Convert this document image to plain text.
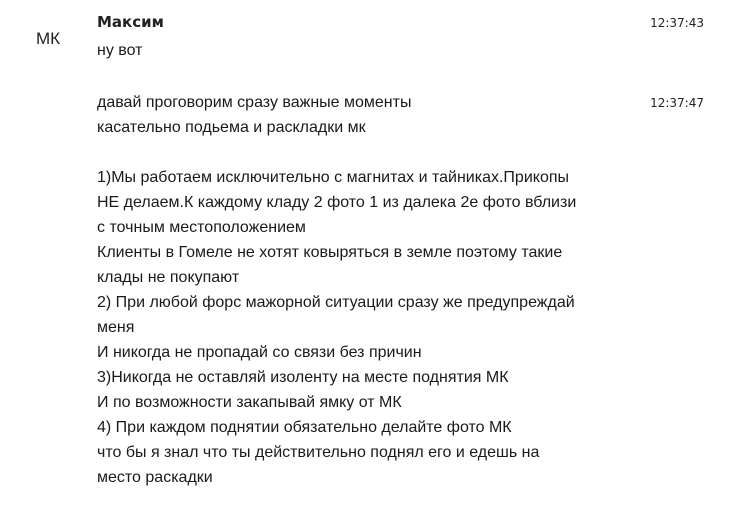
МК
Максим	12:37:43
ну вот
12:37:47
давай проговорим сразу важные моменты
касательно подьема и раскладки мк
1)Мы работаем исключительно с магнитах и тайниках.Прикопы
НЕ делаем.К каждому кладу 2 фото 1 из далека 2е фото вблизи
с точным местоположением
Клиенты в Гомеле не хотят ковыряться в земле поэтому такие
клады не покупают
2) При любой форс мажорной ситуации сразу же предупреждай
меня
И никогда не пропадай со связи без причин
3)Никогда не оставляй изоленту на месте поднятия МК
И по возможности закапывай ямку от МК
4) При каждом поднятии обязательно делайте фото МК
что бы я знал что ты действительно поднял его и едешь на
место раскадки
